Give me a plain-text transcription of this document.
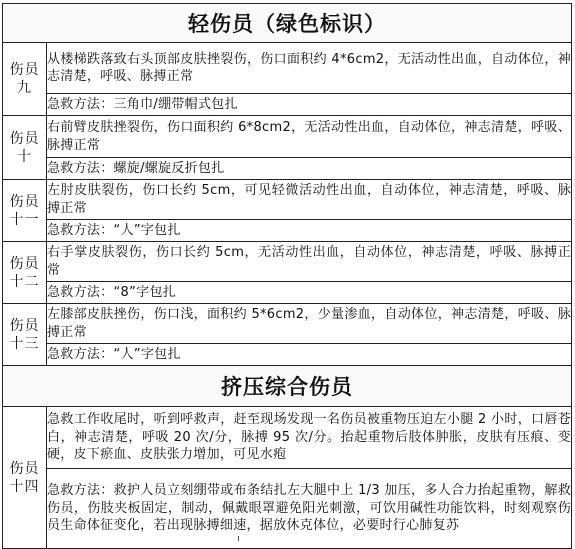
轻伤员（绿色标识）	

伤员
九	从楼梯跌落致右头顶部皮肤挫裂伤，伤口面积约 4*6cm2，无活动性出血，自动体位，神志清楚，呼吸、脉搏正常
	急救方法：三角巾/绷带帽式包扎

伤员
十	右前臂皮肤挫裂伤，伤口面积约 6*8cm2，无活动性出血，自动体位，神志清楚，呼吸、脉搏正常
	急救方法：螺旋/螺旋反折包扎

伤员
十一	左肘皮肤裂伤，伤口长约 5cm，可见轻微活动性出血，自动体位，神志清楚，呼吸、脉搏正常
	急救方法：“人”字包扎

伤员
十二	右手掌皮肤裂伤，伤口长约 5cm，无活动性出血，自动体位，神志清楚，呼吸、脉搏正常
	急救方法：“8”字包扎

伤员
十三	左膝部皮肤挫伤，伤口浅，面积约 5*6cm2，少量渗血，自动体位，神志清楚，呼吸、脉搏正常
	急救方法：“人”字包扎
挤压综合伤员	

伤员
十四	急救工作收尾时，听到呼救声，赶至现场发现一名伤员被重物压迫左小腿 2 小时，口唇苍白，神志清楚，呼吸 20 次/分，脉搏 95 次/分。抬起重物后肢体肿胀，皮肤有压痕、变硬，皮下瘀血、皮肤张力增加，可见水疱
	急救方法：救护人员立刻绷带或布条结扎左大腿中上 1/3 加压，多人合力抬起重物，解救伤员，伤肢夹板固定，制动，佩戴眼罩避免阳光刺激，可饮用碱性功能饮料，时刻观察伤员生命体征变化，若出现脉搏细速，据放休克体位，必要时行心肺复苏
